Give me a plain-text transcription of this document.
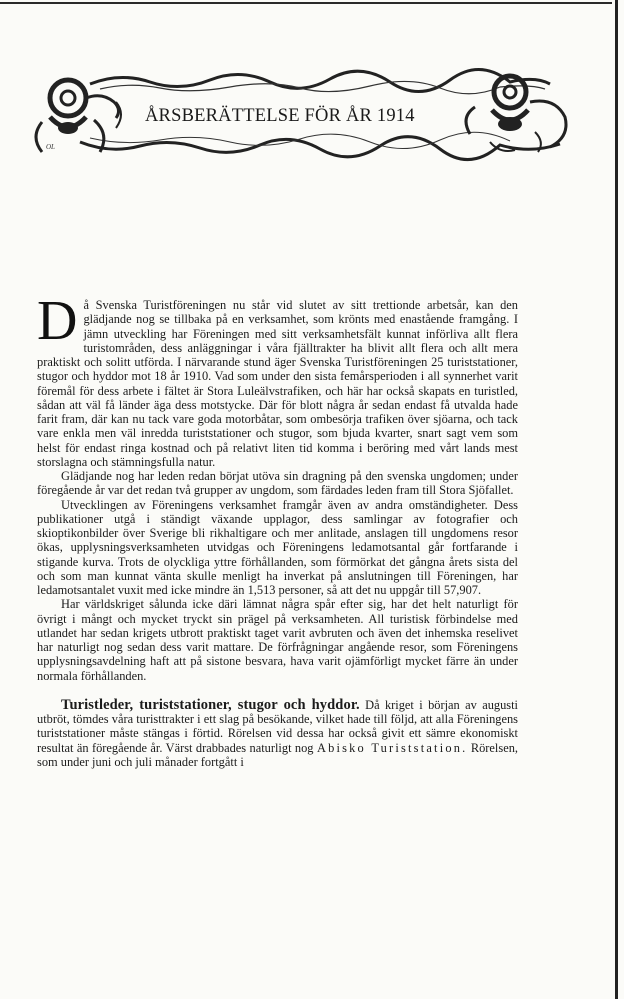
ÅRSBERÄTTELSE FÖR ÅR 1914
OL

Då Svenska Turistföreningen nu står vid slutet av sitt trettionde arbetsår, kan den glädjande nog se tillbaka på en verksamhet, som krönts med enastående framgång. I jämn utveckling har Föreningen med sitt verksamhetsfält kunnat införliva allt flera turistområden, dess anläggningar i våra fjälltrakter ha blivit allt flera och allt mera praktiskt och solitt utförda. I närvarande stund äger Svenska Turistföreningen 25 turiststationer, stugor och hyddor mot 18 år 1910. Vad som under den sista femårsperioden i all synnerhet varit föremål för dess arbete i fältet är Stora Luleälvstrafiken, och här har också skapats en turistled, sådan att väl få länder äga dess motstycke. Där för blott några år sedan endast få utvalda hade farit fram, där kan nu tack vare goda motorbåtar, som ombesörja trafiken över sjöarna, och tack vare enkla men väl inredda turiststationer och stugor, som bjuda kvarter, snart sagt vem som helst för endast ringa kostnad och på relativt liten tid komma i beröring med vårt lands mest storslagna och stämningsfulla natur.

Glädjande nog har leden redan börjat utöva sin dragning på den svenska ungdomen; under föregående år var det redan två grupper av ungdom, som färdades leden fram till Stora Sjöfallet.

Utvecklingen av Föreningens verksamhet framgår även av andra omständigheter. Dess publikationer utgå i ständigt växande upplagor, dess samlingar av fotografier och skioptikonbilder över Sverige bli rikhaltigare och mer anlitade, anslagen till ungdomens resor ökas, upplysningsverksamheten utvidgas och Föreningens ledamotsantal går fortfarande i stigande kurva. Trots de olyckliga yttre förhållanden, som förmörkat det gångna årets sista del och som man kunnat vänta skulle menligt ha inverkat på anslutningen till Föreningen, har ledamotsantalet vuxit med icke mindre än 1,513 personer, så att det nu uppgår till 57,907.

Har världskriget sålunda icke däri lämnat några spår efter sig, har det helt naturligt för övrigt i mångt och mycket tryckt sin prägel på verksamheten. All turistisk förbindelse med utlandet har sedan krigets utbrott praktiskt taget varit avbruten och även det inhemska reselivet har naturligt nog sedan dess varit mattare. De förfrågningar angående resor, som Föreningens upplysningsavdelning haft att på sistone besvara, hava varit ojämförligt mycket färre än under normala förhållanden.

Turistleder, turiststationer, stugor och hyddor. Då kriget i början av augusti utbröt, tömdes våra turisttrakter i ett slag på besökande, vilket hade till följd, att alla Föreningens turiststationer måste stängas i förtid. Rörelsen vid dessa har också givit ett sämre ekonomiskt resultat än föregående år. Värst drabbades naturligt nog Abisko Turiststation. Rörelsen, som under juni och juli månader fortgått i
